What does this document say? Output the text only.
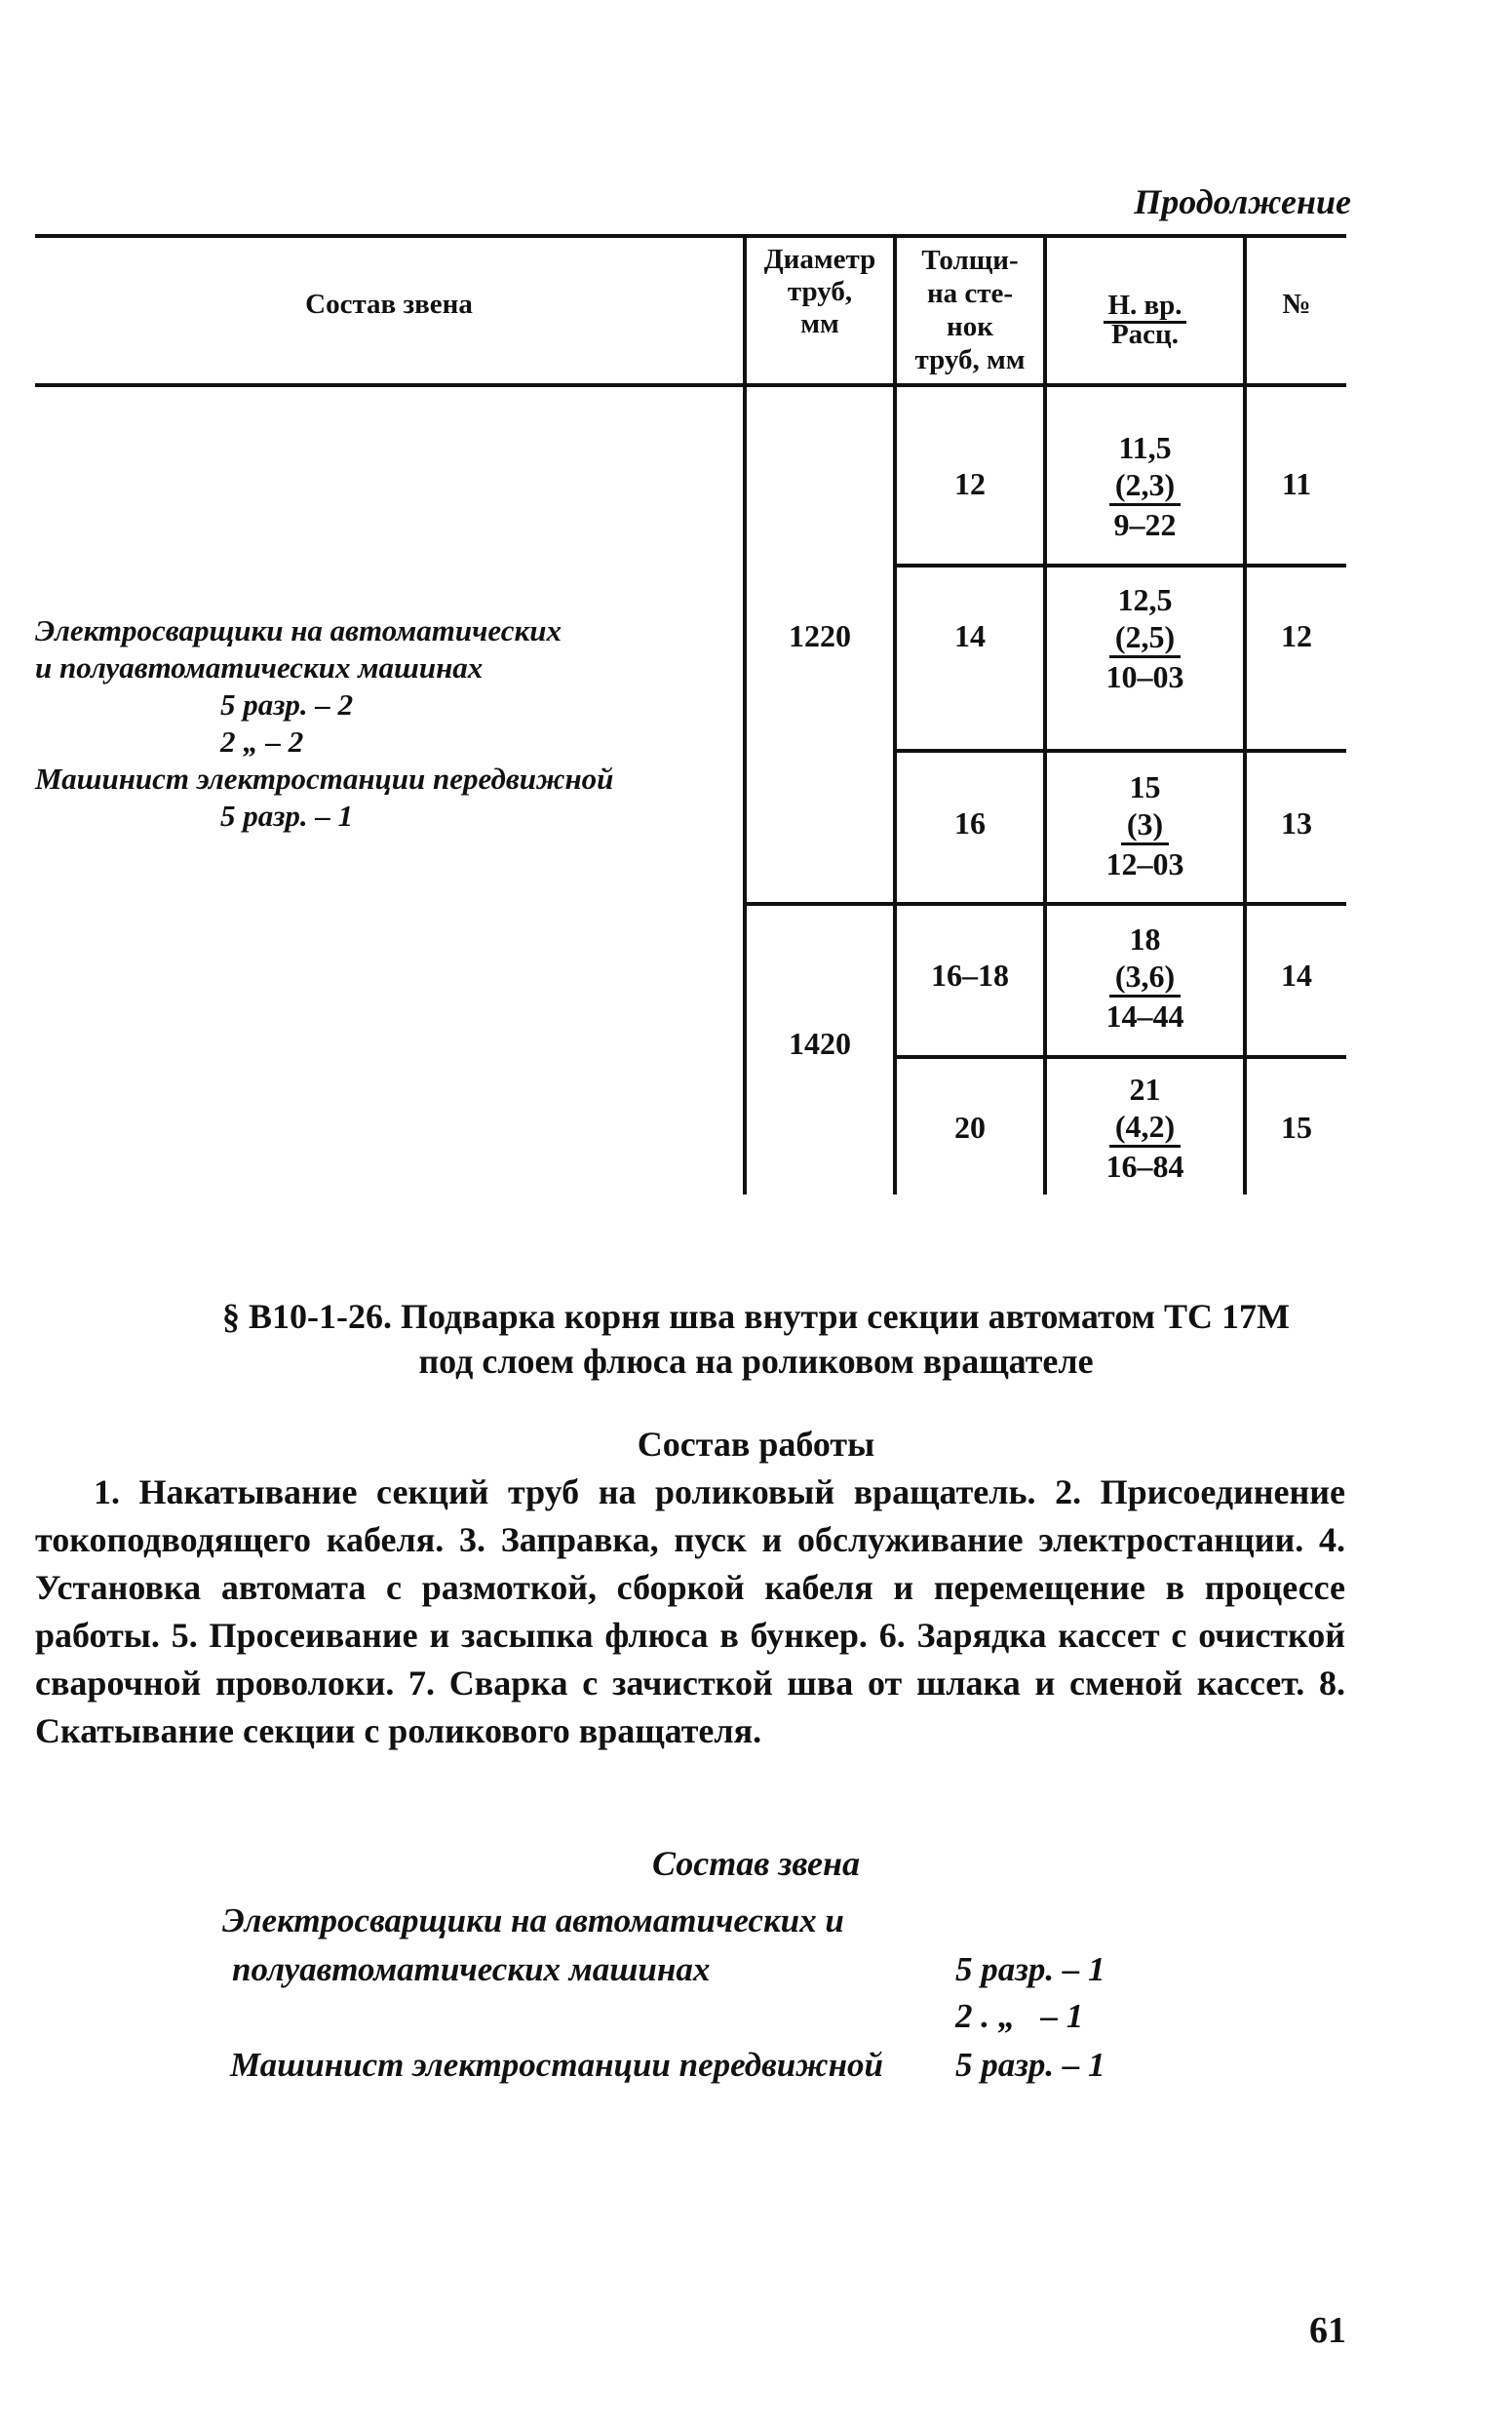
Продолжение
Состав звена
Диаметр
труб,
мм
Толщи-
на сте-
нок
труб, мм
Н. вр.
Расц.
№
Электросварщики на автоматических
и полуавтоматических машинах
5 разр. – 2
2 „ – 2
Машинист электростанции передвижной
5 разр. – 1
1220
1420
12
11,5
(2,3)
9–22
11
14
12,5
(2,5)
10–03
12
16
15
(3)
12–03
13
16–18
18
(3,6)
14–44
14
20
21
(4,2)
16–84
15
§ В10-1-26. Подварка корня шва внутри секции автоматом ТС 17М
под слоем флюса на роликовом вращателе
Состав работы
1. Накатывание секций труб на роликовый вращатель. 2. Присоединение токоподводящего кабеля. 3. Заправка, пуск и обслуживание электростанции. 4. Установка автомата с размоткой, сборкой кабеля и перемещение в процессе работы. 5. Просеивание и засыпка флюса в бункер. 6. Зарядка кассет с очисткой сварочной проволоки. 7. Сварка с зачисткой шва от шлака и сменой кассет. 8. Скатывание секции с роликового вращателя.
Состав звена
Электросварщики на автоматических и
полуавтоматических машинах	5 разр. – 1
2 . „   – 1
Машинист электростанции передвижной 5 разр. – 1
61
